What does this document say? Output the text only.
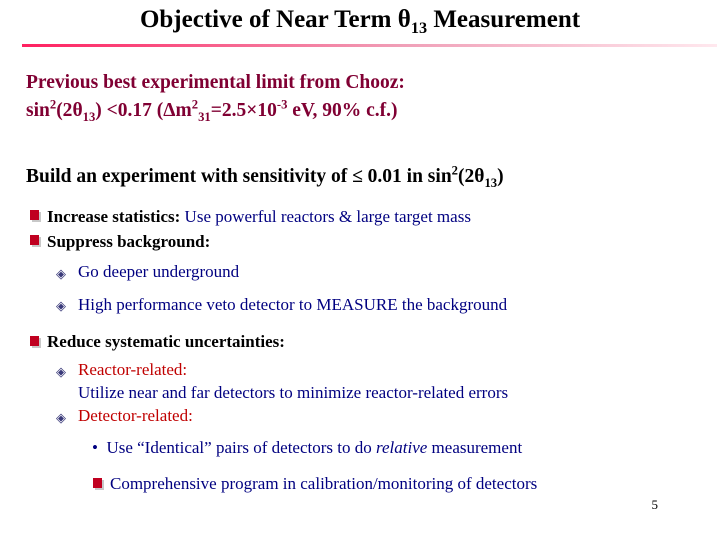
Objective of Near Term $\theta_{13}$ Measurement
Previous best experimental limit from Chooz:
$\sin^2(2\theta_{13}) <0.17$ ($\Delta m^2_{31}=2.5\times 10^{-3}$ eV, 90% c.f.)
Build an experiment with sensitivity of ≤ 0.01 in $\sin^2(2\theta_{13})$
Increase statistics: Use powerful reactors & large target mass
Suppress background:
◈ Go deeper underground
◈ High performance veto detector to MEASURE the background
Reduce systematic uncertainties:
◈ Reactor-related:
Utilize near and far detectors to minimize reactor-related errors
◈ Detector-related:
• Use “Identical” pairs of detectors to do relative measurement
Comprehensive program in calibration/monitoring of detectors
5
